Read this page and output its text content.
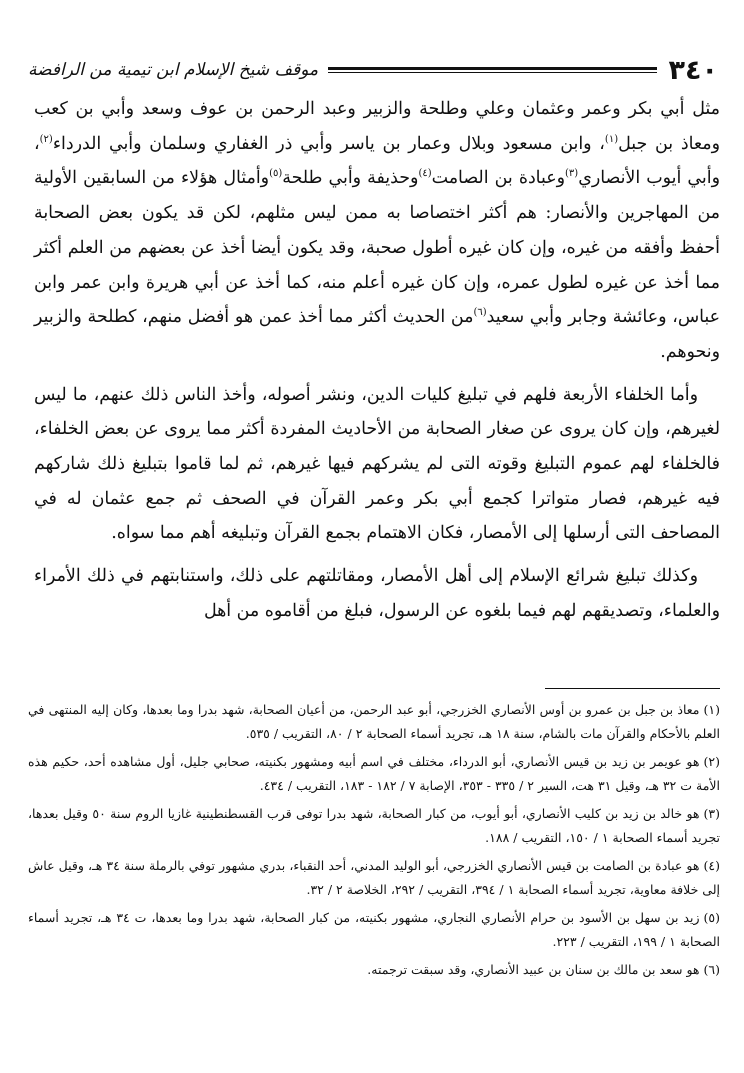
٣٤٠
موقف شيخ الإسلام ابن تيمية من الرافضة

مثل أبي بكر وعمر وعثمان وعلي وطلحة والزبير وعبد الرحمن بن عوف وسعد وأبي بن كعب ومعاذ بن جبل$^{(١)}$، وابن مسعود وبلال وعمار بن ياسر وأبي ذر الغفاري وسلمان وأبي الدرداء$^{(٢)}$، وأبي أيوب الأنصاري$^{(٣)}$وعبادة بن الصامت$^{(٤)}$وحذيفة وأبي طلحة$^{(٥)}$وأمثال هؤلاء من السابقين الأولية من المهاجرين والأنصار: هم أكثر اختصاصا به ممن ليس مثلهم، لكن قد يكون بعض الصحابة أحفظ وأفقه من غيره، وإن كان غيره أطول صحبة، وقد يكون أيضا أخذ عن بعضهم من العلم أكثر مما أخذ عن غيره لطول عمره، وإن كان غيره أعلم منه، كما أخذ عن أبي هريرة وابن عمر وابن عباس، وعائشة وجابر وأبي سعيد$^{(٦)}$من الحديث أكثر مما أخذ عمن هو أفضل منهم، كطلحة والزبير ونحوهم.

وأما الخلفاء الأربعة فلهم في تبليغ كليات الدين، ونشر أصوله، وأخذ الناس ذلك عنهم، ما ليس لغيرهم، وإن كان يروى عن صغار الصحابة من الأحاديث المفردة أكثر مما يروى عن بعض الخلفاء، فالخلفاء لهم عموم التبليغ وقوته التى لم يشركهم فيها غيرهم، ثم لما قاموا بتبليغ ذلك شاركهم فيه غيرهم، فصار متواترا كجمع أبي بكر وعمر القرآن في الصحف ثم جمع عثمان له في المصاحف التى أرسلها إلى الأمصار، فكان الاهتمام بجمع القرآن وتبليغه أهم مما سواه.

وكذلك تبليغ شرائع الإسلام إلى أهل الأمصار، ومقاتلتهم على ذلك، واستنابتهم في ذلك الأمراء والعلماء، وتصديقهم لهم فيما بلغوه عن الرسول، فبلغ من أقاموه من أهل

(١)معاذ بن جبل بن عمرو بن أوس الأنصاري الخزرجي، أبو عبد الرحمن، من أعيان الصحابة، شهد بدرا وما بعدها، وكان إليه المنتهى في العلم بالأحكام والقرآن مات بالشام، سنة ١٨ هـ، تجريد أسماء الصحابة ٢ / ٨٠، التقريب / ٥٣٥.

(٢)هو عويمر بن زيد بن قيس الأنصاري، أبو الدرداء، مختلف في اسم أبيه ومشهور بكنيته، صحابي جليل، أول مشاهده أحد، حكيم هذه الأمة ت ٣٢ هـ، وقيل ٣١ هت، السير ٢ / ٣٣٥ - ٣٥٣، الإصابة ٧ / ١٨٢ - ١٨٣، التقريب / ٤٣٤.

(٣)هو خالد بن زيد بن كليب الأنصاري، أبو أيوب، من كبار الصحابة، شهد بدرا توفى قرب القسطنطينية غازيا الروم سنة ٥٠ وقيل بعدها، تجريد أسماء الصحابة ١ / ١٥٠، التقريب / ١٨٨.

(٤)هو عبادة بن الصامت بن قيس الأنصاري الخزرجي، أبو الوليد المدني، أحد النقباء، بدري مشهور توفي بالرملة سنة ٣٤ هـ، وقيل عاش إلى خلافة معاوية، تجريد أسماء الصحابة ١ / ٣٩٤، التقريب / ٢٩٢، الخلاصة ٢ / ٣٢.

(٥)زيد بن سهل بن الأسود بن حرام الأنصاري النجاري، مشهور بكنيته، من كبار الصحابة، شهد بدرا وما بعدها، ت ٣٤ هـ، تجريد أسماء الصحابة ١ / ١٩٩، التقريب / ٢٢٣.

(٦)هو سعد بن مالك بن سنان بن عبيد الأنصاري، وقد سبقت ترجمته.
